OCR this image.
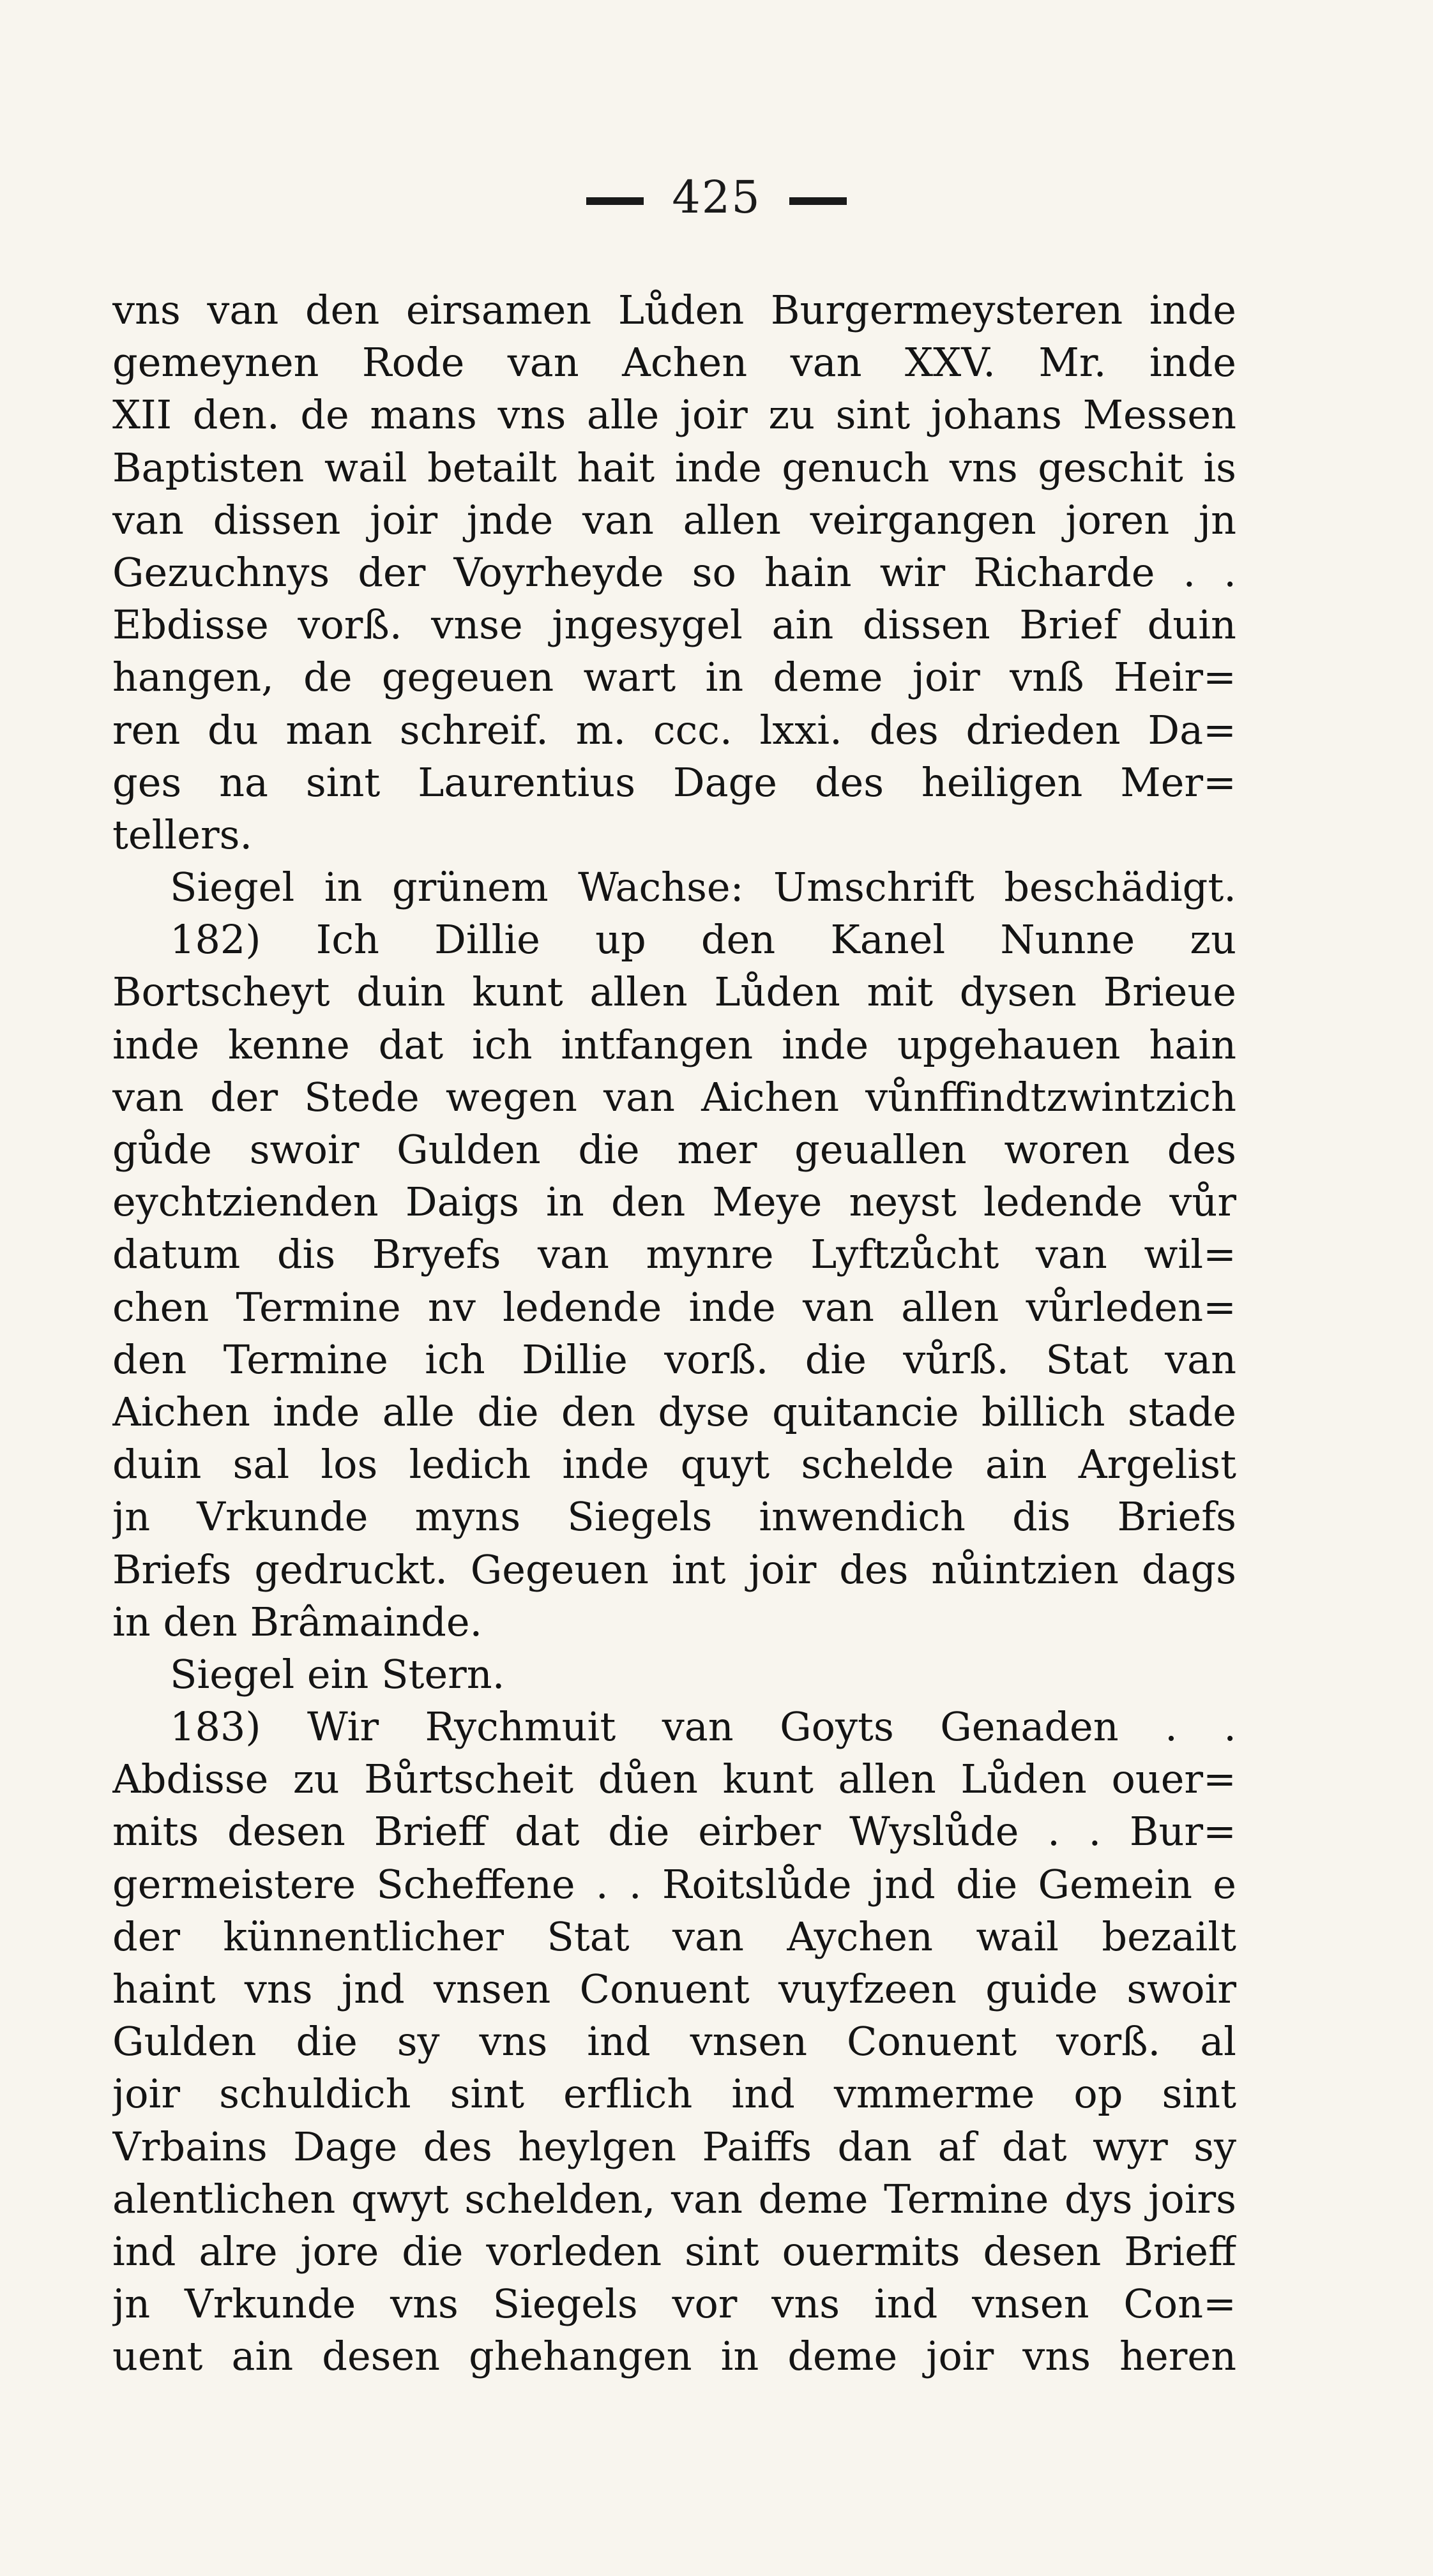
425
vns van den eirsamen Lůden Burgermeysteren inde
gemeynen Rode van Achen van XXV. Mr. inde
XII den. de mans vns alle joir zu sint johans Messen
Baptisten wail betailt hait inde genuch vns geschit is
van dissen joir jnde van allen veirgangen joren jn
Gezuchnys der Voyrheyde so hain wir Richarde . .
Ebdisse vorß. vnse jngesygel ain dissen Brief duin
hangen, de gegeuen wart in deme joir vnß Heir=
ren du man schreif. m. ccc. lxxi. des drieden Da=
ges na sint Laurentius Dage des heiligen Mer=
tellers.
Siegel in grünem Wachse: Umschrift beschädigt.
182) Ich Dillie up den Kanel Nunne zu
Bortscheyt duin kunt allen Lůden mit dysen Brieue
inde kenne dat ich intfangen inde upgehauen hain
van der Stede wegen van Aichen vůnffindtzwintzich
gůde swoir Gulden die mer geuallen woren des
eychtzienden Daigs in den Meye neyst ledende vůr
datum dis Bryefs van mynre Lyftzůcht van wil=
chen Termine nv ledende inde van allen vůrleden=
den Termine ich Dillie vorß. die vůrß. Stat van
Aichen inde alle die den dyse quitancie billich stade
duin sal los ledich inde quyt schelde ain Argelist
jn Vrkunde myns Siegels inwendich dis Briefs
Briefs gedruckt. Gegeuen int joir des nůintzien dags
in den Brâmainde.
Siegel ein Stern.
183) Wir Rychmuit van Goyts Genaden . .
Abdisse zu Bůrtscheit důen kunt allen Lůden ouer=
mits desen Brieff dat die eirber Wyslůde . . Bur=
germeistere Scheffene . . Roitslůde jnd die Gemein e
der künnentlicher Stat van Aychen wail bezailt
haint vns jnd vnsen Conuent vuyfzeen guide swoir
Gulden die sy vns ind vnsen Conuent vorß. al
joir schuldich sint erflich ind vmmerme op sint
Vrbains Dage des heylgen Paiffs dan af dat wyr sy
alentlichen qwyt schelden, van deme Termine dys joirs
ind alre jore die vorleden sint ouermits desen Brieff
jn Vrkunde vns Siegels vor vns ind vnsen Con=
uent ain desen ghehangen in deme joir vns heren
